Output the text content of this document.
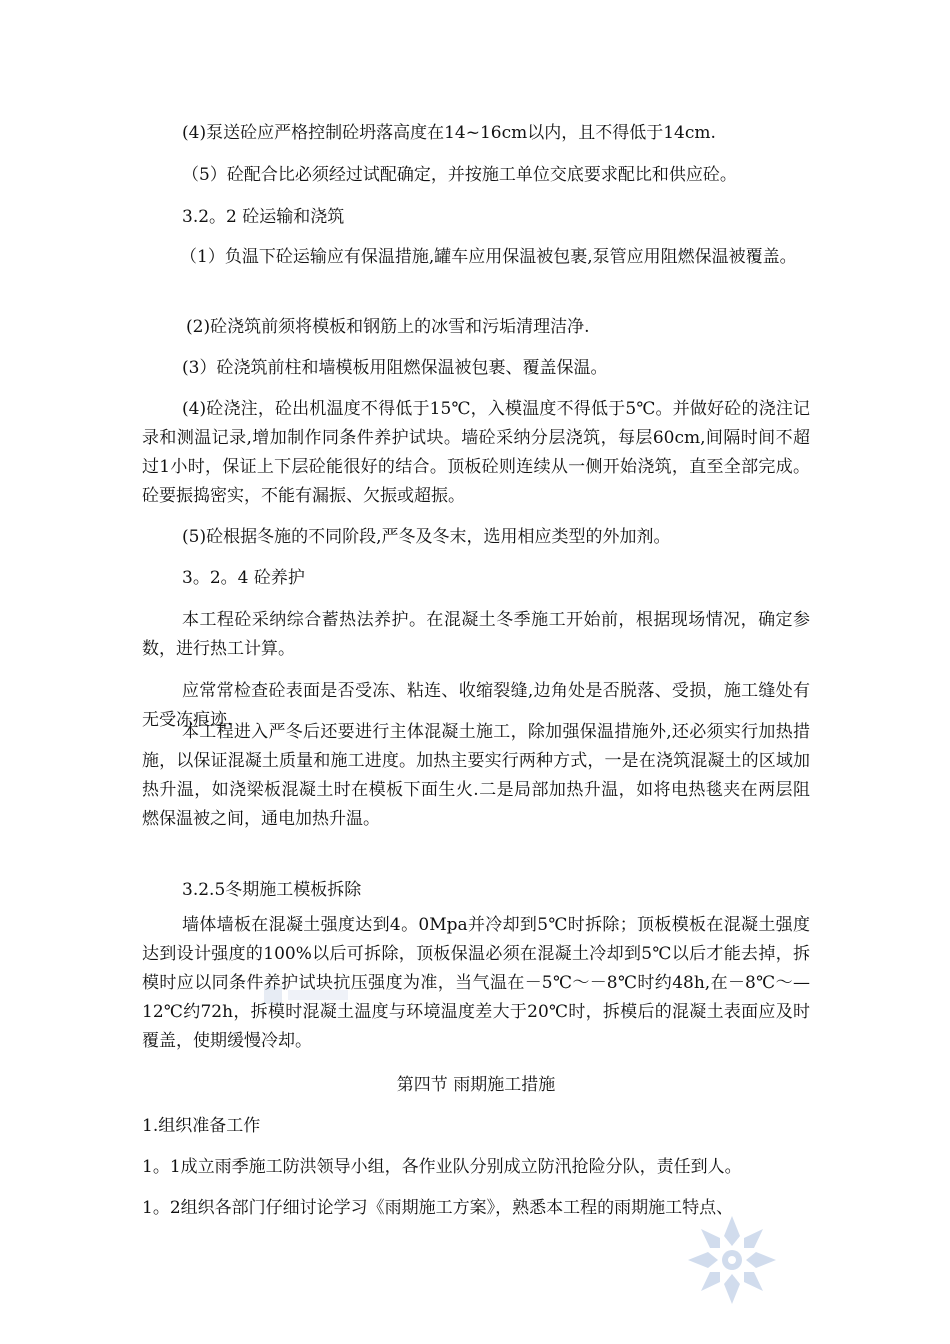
(4)泵送砼应严格控制砼坍落高度在14~16cm以内，且不得低于14cm.

（5）砼配合比必须经过试配确定，并按施工单位交底要求配比和供应砼。

3.2。2 砼运输和浇筑

（1）负温下砼运输应有保温措施,罐车应用保温被包裹,泵管应用阻燃保温被覆盖。

(2)砼浇筑前须将模板和钢筋上的冰雪和污垢清理洁净.

(3）砼浇筑前柱和墙模板用阻燃保温被包裹、覆盖保温。

(4)砼浇注，砼出机温度不得低于15℃，入模温度不得低于5℃。并做好砼的浇注记录和测温记录,增加制作同条件养护试块。墙砼采纳分层浇筑，每层60cm,间隔时间不超过1小时，保证上下层砼能很好的结合。顶板砼则连续从一侧开始浇筑，直至全部完成。砼要振捣密实，不能有漏振、欠振或超振。

(5)砼根据冬施的不同阶段,严冬及冬末，选用相应类型的外加剂。

3。2。4 砼养护

本工程砼采纳综合蓄热法养护。在混凝土冬季施工开始前，根据现场情况，确定参数，进行热工计算。

应常常检查砼表面是否受冻、粘连、收缩裂缝,边角处是否脱落、受损，施工缝处有无受冻痕迹.

本工程进入严冬后还要进行主体混凝土施工，除加强保温措施外,还必须实行加热措施，以保证混凝土质量和施工进度。加热主要实行两种方式，一是在浇筑混凝土的区域加热升温，如浇梁板混凝土时在模板下面生火.二是局部加热升温，如将电热毯夹在两层阻燃保温被之间，通电加热升温。

3.2.5冬期施工模板拆除

墙体墙板在混凝土强度达到4。0Mpa并冷却到5℃时拆除；顶板模板在混凝土强度达到设计强度的100%以后可拆除，顶板保温必须在混凝土冷却到5℃以后才能去掉，拆模时应以同条件养护试块抗压强度为准，当气温在－5℃～－8℃时约48h,在－8℃～—12℃约72h，拆模时混凝土温度与环境温度差大于20℃时，拆模后的混凝土表面应及时覆盖，使期缓慢冷却。

第四节 雨期施工措施

1.组织准备工作

1。1成立雨季施工防洪领导小组，各作业队分别成立防汛抢险分队，责任到人。

1。2组织各部门仔细讨论学习《雨期施工方案》，熟悉本工程的雨期施工特点、
